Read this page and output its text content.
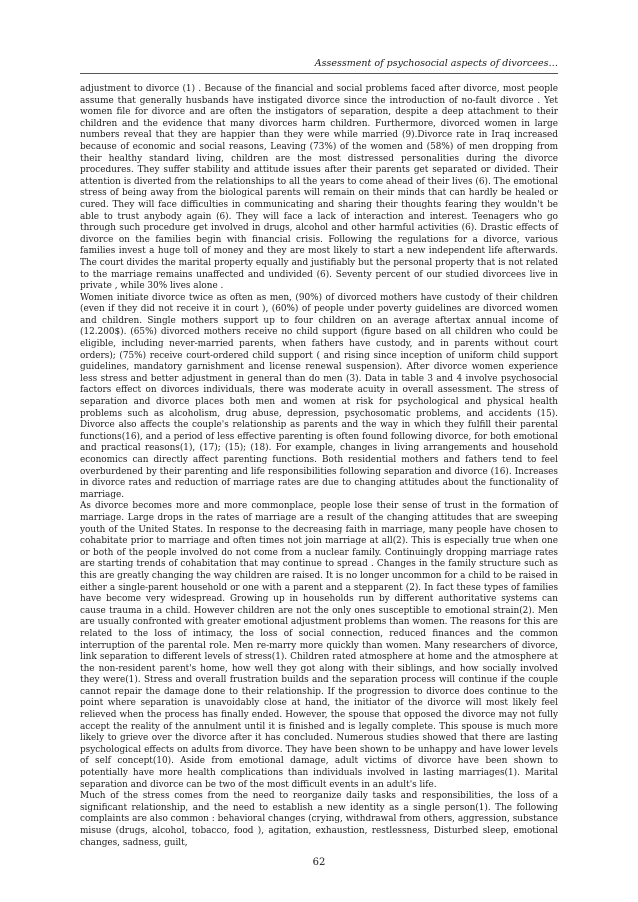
Assessment of psychosocial aspects of divorcees…

adjustment to divorce (1) . Because of the financial and social problems faced after divorce, most people assume that generally husbands have instigated divorce since the introduction of no-fault divorce . Yet women file for divorce and are often the instigators of separation, despite a deep attachment to their children and the evidence that many divorces harm children. Furthermore, divorced women in large numbers reveal that they are happier than they were while married (9).Divorce rate in Iraq increased because of economic and social reasons, Leaving (73%) of the women and (58%) of men dropping from their healthy standard living, children are the most distressed personalities during the divorce procedures. They suffer stability and attitude issues after their parents get separated or divided. Their attention is diverted from the relationships to all the years to come ahead of their lives (6). The emotional stress of being away from the biological parents will remain on their minds that can hardly be healed or cured. They will face difficulties in communicating and sharing their thoughts fearing they wouldn't be able to trust anybody again (6). They will face a lack of interaction and interest. Teenagers who go through such procedure get involved in drugs, alcohol and other harmful activities (6). Drastic effects of divorce on the families begin with financial crisis. Following the regulations for a divorce, various families invest a huge toll of money and they are most likely to start a new independent life afterwards. The court divides the marital property equally and justifiably but the personal property that is not related to the marriage remains unaffected and undivided (6). Seventy percent of our studied divorcees live in private , while 30% lives alone .

Women initiate divorce twice as often as men, (90%) of divorced mothers have custody of their children (even if they did not receive it in court ), (60%) of people under poverty guidelines are divorced women and children. Single mothers support up to four children on an average aftertax annual income of (12.200$). (65%) divorced mothers receive no child support (figure based on all children who could be eligible, including never-married parents, when fathers have custody, and in parents without court orders); (75%) receive court-ordered child support ( and rising since inception of uniform child support guidelines, mandatory garnishment and license renewal suspension). After divorce women experience less stress and better adjustment in general than do men (3). Data in table 3 and 4 involve psychosocial factors effect on divorces individuals, there was moderate acuity in overall assessment. The stress of separation and divorce places both men and women at risk for psychological and physical health problems such as alcoholism, drug abuse, depression, psychosomatic problems, and accidents (15). Divorce also affects the couple's relationship as parents and the way in which they fulfill their parental functions(16), and a period of less effective parenting is often found following divorce, for both emotional and practical reasons(1), (17); (15); (18). For example, changes in living arrangements and household economics can directly affect parenting functions. Both residential mothers and fathers tend to feel overburdened by their parenting and life responsibilities following separation and divorce (16). Increases in divorce rates and reduction of marriage rates are due to changing attitudes about the functionality of marriage.

As divorce becomes more and more commonplace, people lose their sense of trust in the formation of marriage. Large drops in the rates of marriage are a result of the changing attitudes that are sweeping youth of the United States. In response to the decreasing faith in marriage, many people have chosen to cohabitate prior to marriage and often times not join marriage at all(2). This is especially true when one or both of the people involved do not come from a nuclear family. Continuingly dropping marriage rates are starting trends of cohabitation that may continue to spread . Changes in the family structure such as this are greatly changing the way children are raised. It is no longer uncommon for a child to be raised in either a single-parent household or one with a parent and a stepparent (2). In fact these types of families have become very widespread. Growing up in households run by different authoritative systems can cause trauma in a child. However children are not the only ones susceptible to emotional strain(2). Men are usually confronted with greater emotional adjustment problems than women. The reasons for this are related to the loss of intimacy, the loss of social connection, reduced finances and the common interruption of the parental role. Men re-marry more quickly than women. Many researchers of divorce, link separation to different levels of stress(1). Children rated atmosphere at home and the atmosphere at the non-resident parent's home, how well they got along with their siblings, and how socially involved they were(1). Stress and overall frustration builds and the separation process will continue if the couple cannot repair the damage done to their relationship. If the progression to divorce does continue to the point where separation is unavoidably close at hand, the initiator of the divorce will most likely feel relieved when the process has finally ended. However, the spouse that opposed the divorce may not fully accept the reality of the annulment until it is finished and is legally complete. This spouse is much more likely to grieve over the divorce after it has concluded. Numerous studies showed that there are lasting psychological effects on adults from divorce. They have been shown to be unhappy and have lower levels of self concept(10). Aside from emotional damage, adult victims of divorce have been shown to potentially have more health complications than individuals involved in lasting marriages(1). Marital separation and divorce can be two of the most difficult events in an adult's life.

Much of the stress comes from the need to reorganize daily tasks and responsibilities, the loss of a significant relationship, and the need to establish a new identity as a single person(1). The following complaints are also common : behavioral changes (crying, withdrawal from others, aggression, substance misuse (drugs, alcohol, tobacco, food ), agitation, exhaustion, restlessness, Disturbed sleep, emotional changes, sadness, guilt,

62
